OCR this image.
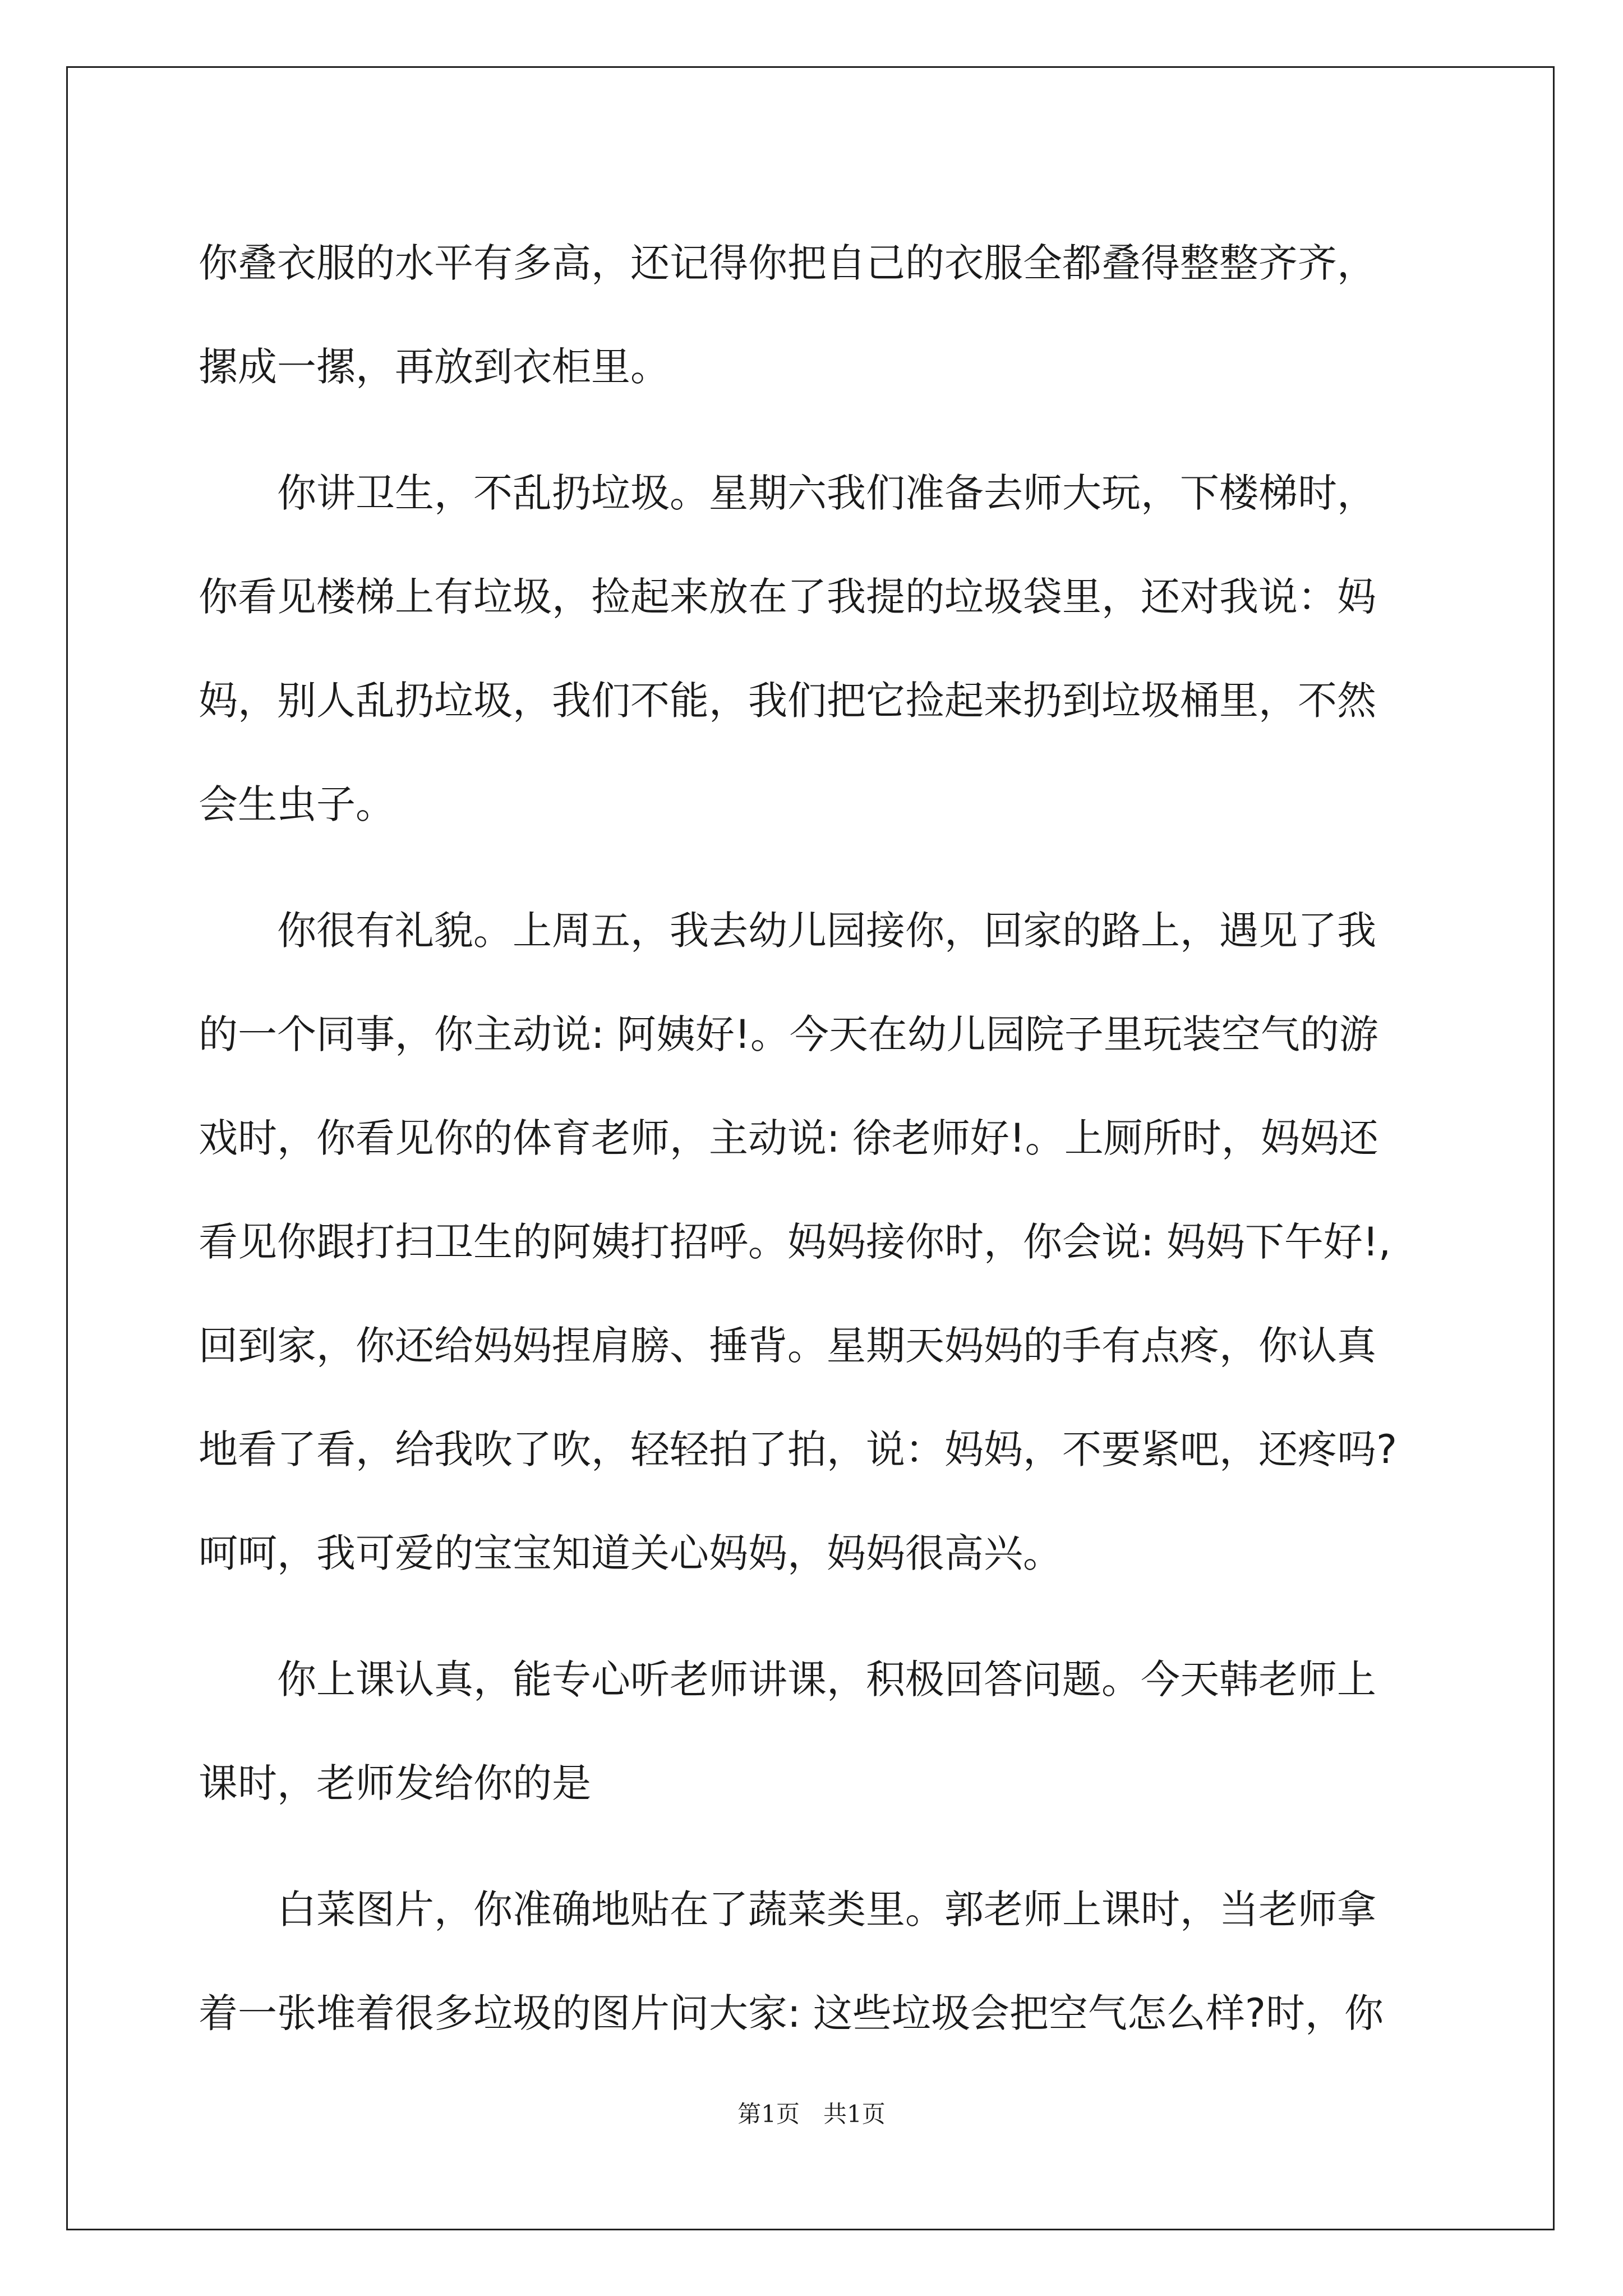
你叠衣服的水平有多高，还记得你把自己的衣服全都叠得整整齐齐，
摞成一摞，再放到衣柜里。
　　你讲卫生，不乱扔垃圾。星期六我们准备去师大玩，下楼梯时，
你看见楼梯上有垃圾，捡起来放在了我提的垃圾袋里，还对我说：妈
妈，别人乱扔垃圾，我们不能，我们把它捡起来扔到垃圾桶里，不然
会生虫子。
　　你很有礼貌。上周五，我去幼儿园接你，回家的路上，遇见了我
的一个同事，你主动说: 阿姨好!。今天在幼儿园院子里玩装空气的游
戏时，你看见你的体育老师，主动说: 徐老师好!。上厕所时，妈妈还
看见你跟打扫卫生的阿姨打招呼。妈妈接你时，你会说: 妈妈下午好!,
回到家，你还给妈妈捏肩膀、捶背。星期天妈妈的手有点疼，你认真
地看了看，给我吹了吹，轻轻拍了拍，说：妈妈，不要紧吧，还疼吗?
呵呵，我可爱的宝宝知道关心妈妈，妈妈很高兴。
　　你上课认真，能专心听老师讲课，积极回答问题。今天韩老师上
课时，老师发给你的是
　　白菜图片，你准确地贴在了蔬菜类里。郭老师上课时，当老师拿
着一张堆着很多垃圾的图片问大家: 这些垃圾会把空气怎么样?时，你
第1页　共1页
